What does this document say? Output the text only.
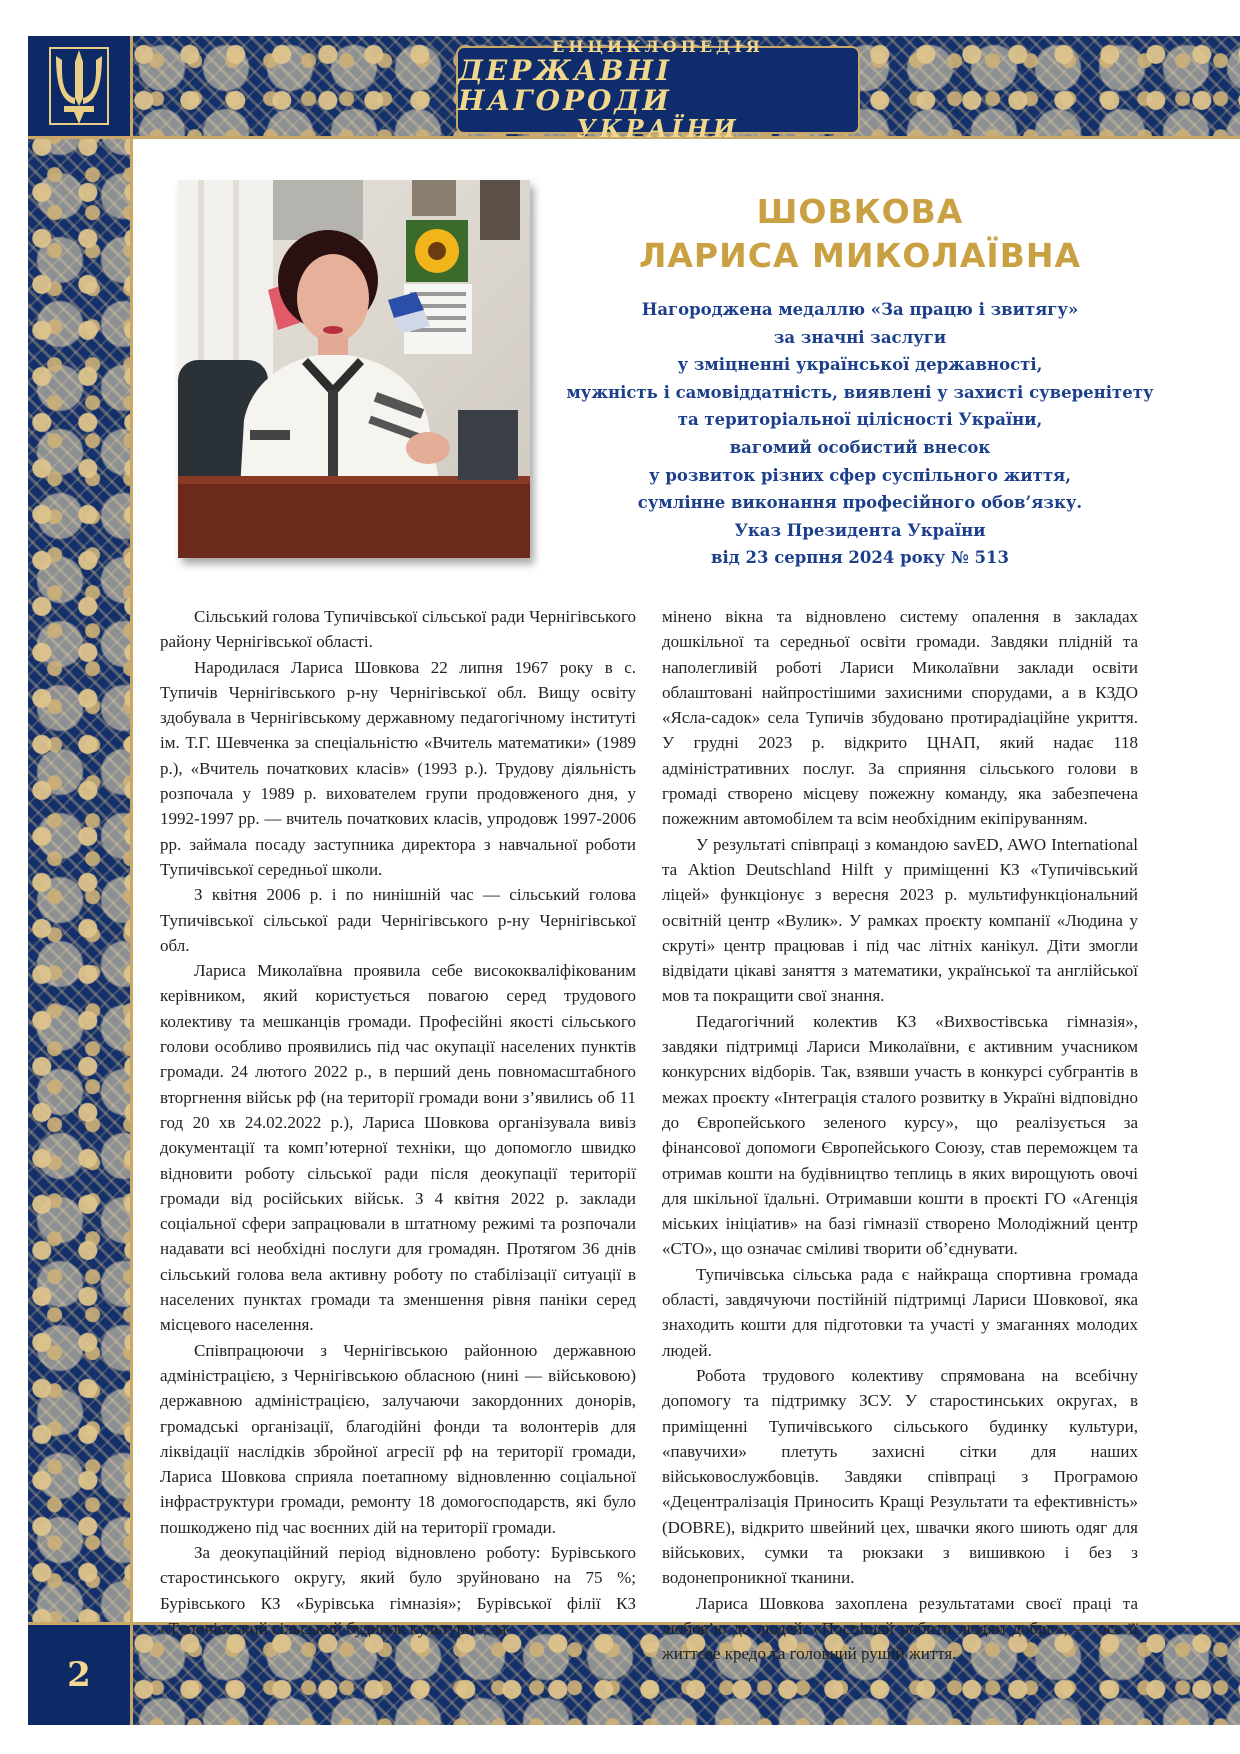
ЕНЦИКЛОПЕДІЯ
ДЕРЖАВНІ НАГОРОДИ
УКРАЇНИ
2
ШОВКОВА
ЛАРИСА МИКОЛАЇВНА
Нагороджена медаллю «За працю і звитягу»
за значні заслуги
у зміцненні української державності,
мужність і самовіддатність, виявлені у захисті суверенітету
та територіальної цілісності України,
вагомий особистий внесок
у розвиток різних сфер суспільного життя,
сумлінне виконання професійного обов’язку.
Указ Президента України
від 23 серпня 2024 року № 513

Сільський голова Тупичівської сільської ради Чернігівського району Чернігівської області.

Народилася Лариса Шовкова 22 липня 1967 року в с. Тупичів Чернігівського р-ну Чернігівської обл. Вищу освіту здобувала в Чернігівському державному педагогічному інституті ім. Т.Г. Шевченка за спеціальністю «Вчитель математики» (1989 р.), «Вчитель початкових класів» (1993 р.). Трудову діяльність розпочала у 1989 р. вихователем групи продовженого дня, у 1992-1997 рр. — вчитель початкових класів, упродовж 1997-2006 рр. займала посаду заступника директора з навчальної роботи Тупичівської середньої школи.

З квітня 2006 р. і по нинішній час — сільський голова Тупичівської сільської ради Чернігівського р-ну Чернігівської обл.

Лариса Миколаївна проявила себе висококваліфікованим керівником, який користується повагою серед трудового колективу та мешканців громади. Професійні якості сільського голови особливо проявились під час окупації населених пунктів громади. 24 лютого 2022 р., в перший день повномасштабного вторгнення військ рф (на території громади вони з’явились об 11 год 20 хв 24.02.2022 р.), Лариса Шовкова організувала вивіз документації та комп’ютерної техніки, що допомогло швидко відновити роботу сільської ради після деокупації території громади від російських військ. З 4 квітня 2022 р. заклади соціальної сфери запрацювали в штатному режимі та розпочали надавати всі необхідні послуги для громадян. Протягом 36 днів сільський голова вела активну роботу по стабілізації ситуації в населених пунктах громади та зменшення рівня паніки серед місцевого населення.

Співпрацюючи з Чернігівською районною державною адміністрацією, з Чернігівською обласною (нині — військовою) державною адміністрацією, залучаючи закордонних донорів, громадські організації, благодійні фонди та волонтерів для ліквідації наслідків збройної агресії рф на території громади, Лариса Шовкова сприяла поетапному відновленню соціальної інфраструктури громади, ремонту 18 домогосподарств, які було пошкоджено під час воєнних дій на території громади.

За деокупаційний період відновлено роботу: Бурівського старостинського округу, який було зруйновано на 75 %; Бурівського КЗ «Бурівська гімназія»; Бурівської філії КЗ «Тупичівський сільський будинок культури»; за-

мінено вікна та відновлено систему опалення в закладах дошкільної та середньої освіти громади. Завдяки плідній та наполегливій роботі Лариси Миколаївни заклади освіти облаштовані найпростішими захисними спорудами, а в КЗДО «Ясла-садок» села Тупичів збудовано протирадіаційне укриття. У грудні 2023 р. відкрито ЦНАП, який надає 118 адміністративних послуг. За сприяння сільського голови в громаді створено місцеву пожежну команду, яка забезпечена пожежним автомобілем та всім необхідним екіпіруванням.

У результаті співпраці з командою savED, AWO International та Aktion Deutschland Hilft у приміщенні КЗ «Тупичівський ліцей» функціонує з вересня 2023 р. мультифункціональний освітній центр «Вулик». У рамках проєкту компанії «Людина у скруті» центр працював і під час літніх канікул. Діти змогли відвідати цікаві заняття з математики, української та англійської мов та покращити свої знання.

Педагогічний колектив КЗ «Вихвостівська гімназія», завдяки підтримці Лариси Миколаївни, є активним учасником конкурсних відборів. Так, взявши участь в конкурсі субгрантів в межах проєкту «Інтеграція сталого розвитку в Україні відповідно до Європейського зеленого курсу», що реалізується за фінансової допомоги Європейського Союзу, став переможцем та отримав кошти на будівництво теплиць в яких вирощують овочі для шкільної їдальні. Отримавши кошти в проєкті ГО «Агенція міських ініціатив» на базі гімназії створено Молодіжний центр «СТО», що означає сміливі творити об’єднувати.

Тупичівська сільська рада є найкраща спортивна громада області, завдячуючи постійній підтримці Лариси Шовкової, яка знаходить кошти для підготовки та участі у змаганнях молодих людей.

Робота трудового колективу спрямована на всебічну допомогу та підтримку ЗСУ. У старостинських округах, в приміщенні Тупичівського сільського будинку культури, «павучихи» плетуть захисні сітки для наших військовослужбовців. Завдяки співпраці з Програмою «Децентралізація Приносить Кращі Результати та ефективність» (DOBRE), відкрито швейний цех, швачки якого шиють одяг для військових, сумки та рюкзаки з вишивкою і без з водонепроникної тканини.

Лариса Шовкова захоплена результатами своєї праці та любов’ю до людей. «Поспішай робити людям добро», — ось її життєве кредо та головний рушій життя.
